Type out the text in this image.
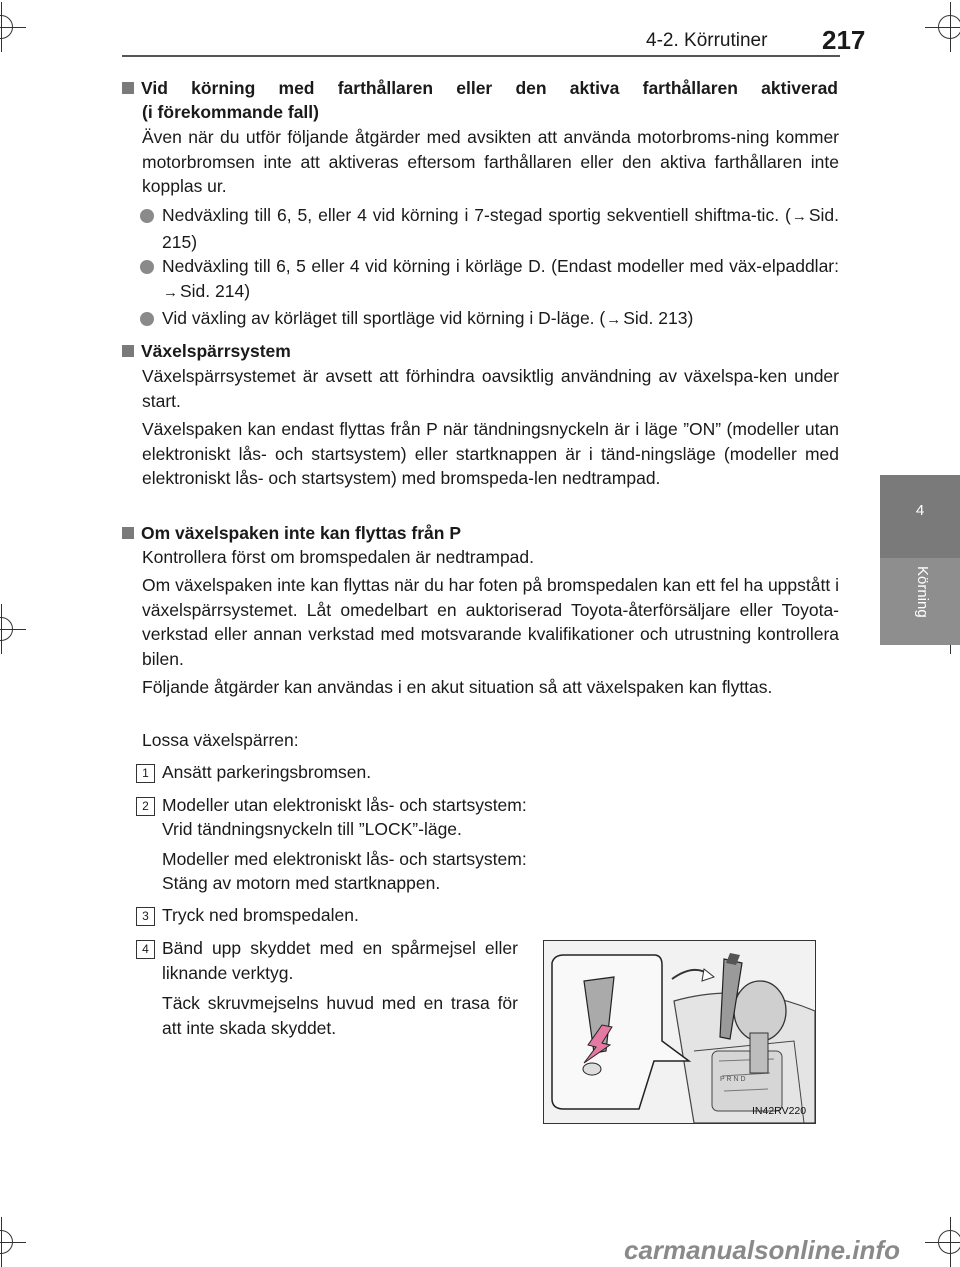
4-2. Körrutiner 217
4
Körning
Vid körning med farthållaren eller den aktiva farthållaren aktiverad
(i förekommande fall)
Även när du utför följande åtgärder med avsikten att använda motorbroms-ning kommer motorbromsen inte att aktiveras eftersom farthållaren eller den aktiva farthållaren inte kopplas ur.
Nedväxling till 6, 5, eller 4 vid körning i 7-stegad sportig sekventiell shiftma-tic. (→ Sid. 215)
Nedväxling till 6, 5 eller 4 vid körning i körläge D. (Endast modeller med väx-elpaddlar: → Sid. 214)
Vid växling av körläget till sportläge vid körning i D-läge. (→ Sid. 213)
Växelspärrsystem
Växelspärrsystemet är avsett att förhindra oavsiktlig användning av växelspa-ken under start.
Växelspaken kan endast flyttas från P när tändningsnyckeln är i läge ”ON” (modeller utan elektroniskt lås- och startsystem) eller startknappen är i tänd-ningsläge (modeller med elektroniskt lås- och startsystem) med bromspeda-len nedtrampad.
Om växelspaken inte kan flyttas från P
Kontrollera först om bromspedalen är nedtrampad.
Om växelspaken inte kan flyttas när du har foten på bromspedalen kan ett fel ha uppstått i växelspärrsystemet. Låt omedelbart en auktoriserad Toyota-återförsäljare eller Toyota-verkstad eller annan verkstad med motsvarande kvalifikationer och utrustning kontrollera bilen.
Följande åtgärder kan användas i en akut situation så att växelspaken kan flyttas.
Lossa växelspärren:
1 Ansätt parkeringsbromsen.
2 Modeller utan elektroniskt lås- och startsystem:
Vrid tändningsnyckeln till ”LOCK”-läge.
Modeller med elektroniskt lås- och startsystem:
Stäng av motorn med startknappen.
3 Tryck ned bromspedalen.
4 Bänd upp skyddet med en spårmejsel eller liknande verktyg.
Täck skruvmejselns huvud med en trasa för att inte skada skyddet.
P R N D
IN42RV220
carmanualsonline.info
